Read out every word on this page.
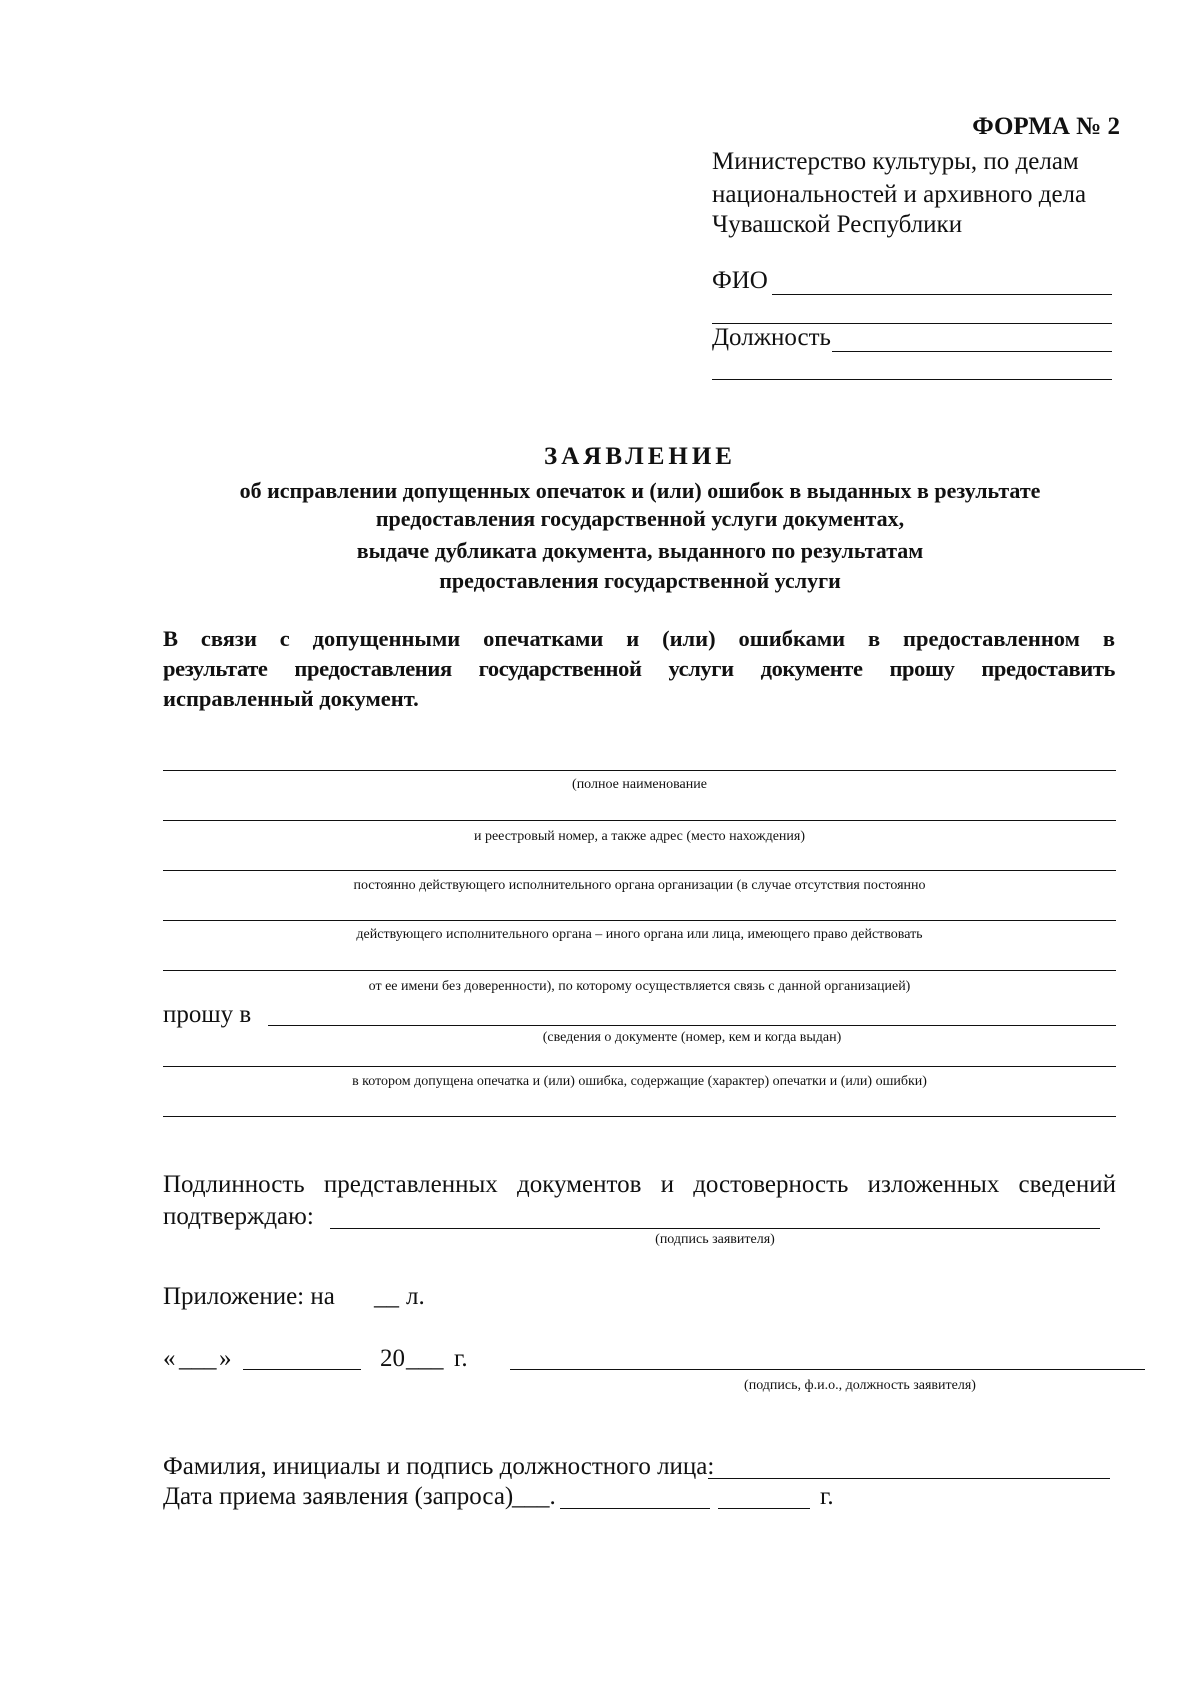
ФОРМА № 2
Министерство культуры, по делам
национальностей и архивного дела
Чувашской Республики
ФИО
Должность
ЗАЯВЛЕНИЕ
об исправлении допущенных опечаток и (или) ошибок в выданных в результате
предоставления государственной услуги документах,
выдаче дубликата документа, выданного по результатам
предоставления государственной услуги
В связи с допущенными опечатками и (или) ошибками в предоставленном в
результате предоставления государственной услуги документе прошу предоставить
исправленный документ.
(полное наименование
и реестровый номер, а также адрес (место нахождения)
постоянно действующего исполнительного органа организации (в случае отсутствия постоянно
действующего исполнительного органа – иного органа или лица, имеющего право действовать
от ее имени без доверенности), по которому осуществляется связь с данной организацией)
прошу в
(сведения о документе (номер, кем и когда выдан)
в котором допущена опечатка и (или) ошибка, содержащие (характер) опечатки и (или) ошибки)
Подлинность представленных документов и достоверность изложенных сведений
подтверждаю:
(подпись заявителя)
Приложение: на __ л.
« ___ »	20 ___ г.
(подпись, ф.и.о., должность заявителя)
Фамилия, инициалы и подпись должностного лица:
Дата приема заявления (запроса)
___.	г.
